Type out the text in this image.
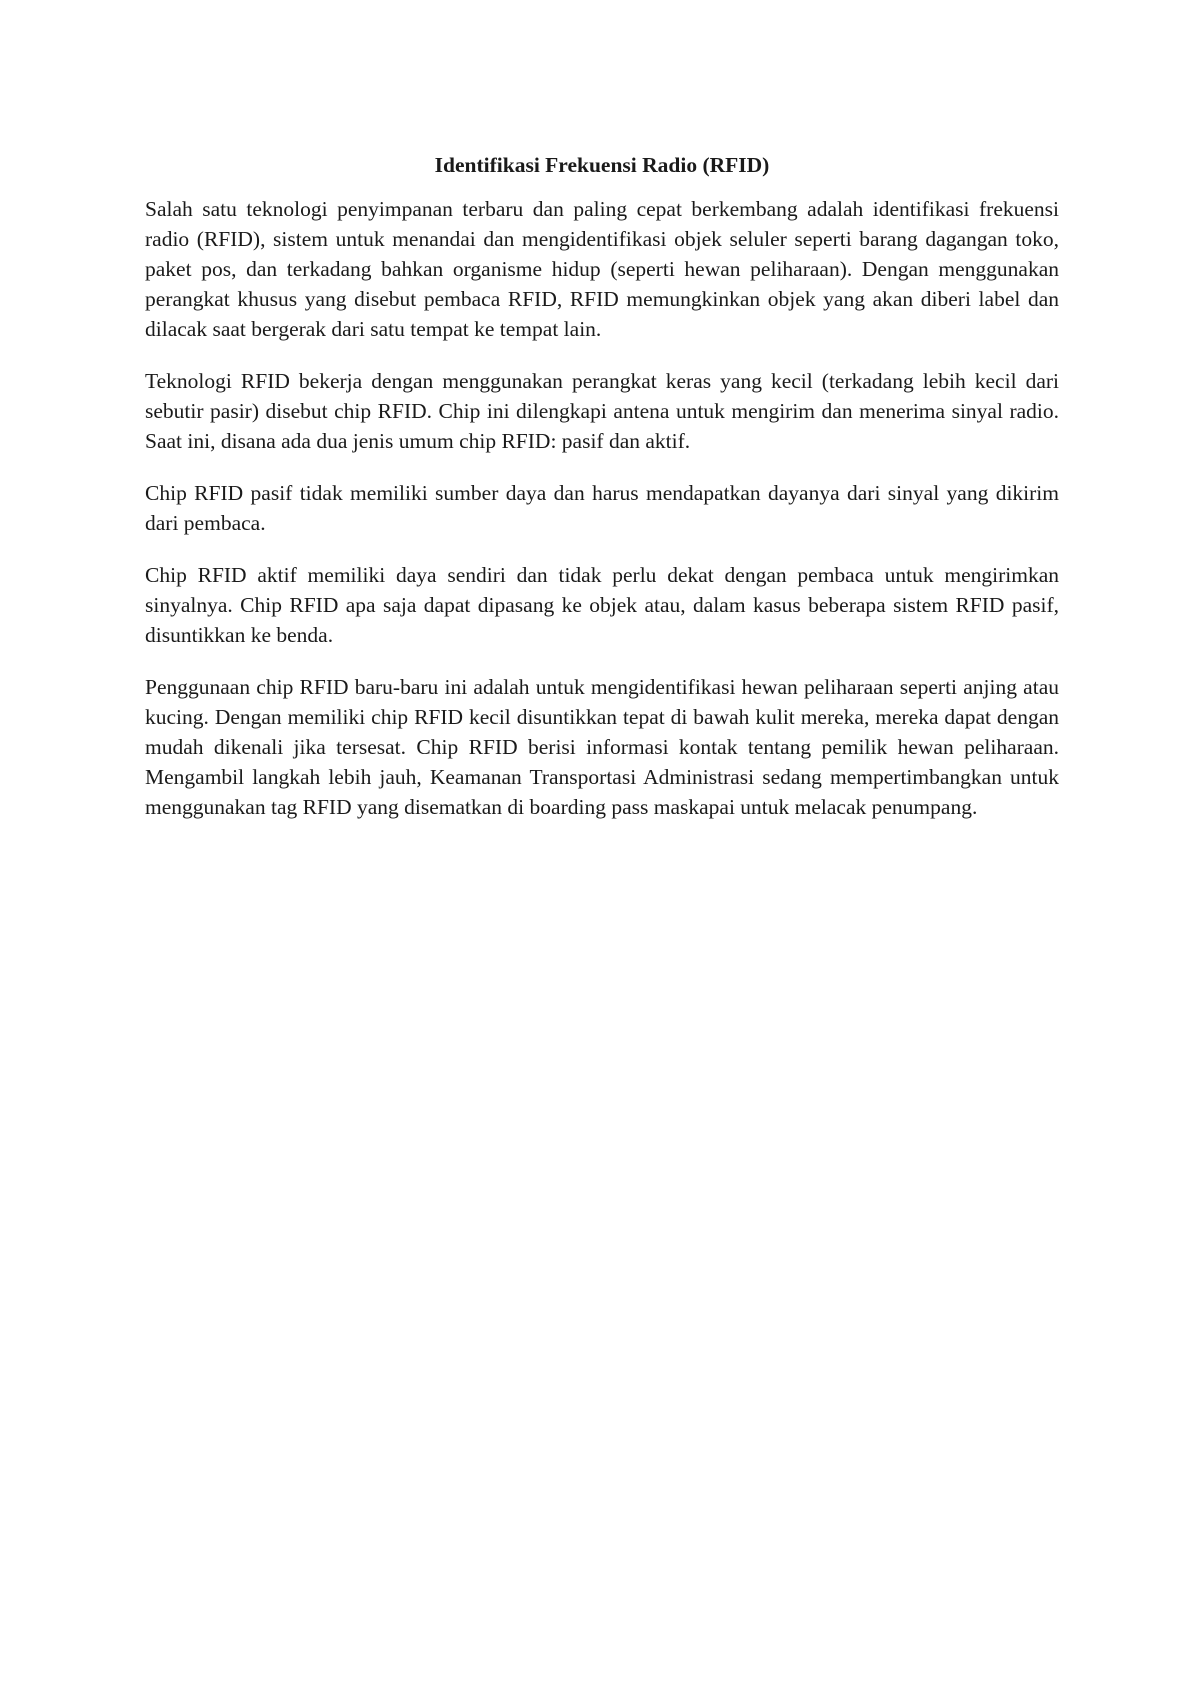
Identifikasi Frekuensi Radio (RFID)

Salah satu teknologi penyimpanan terbaru dan paling cepat berkembang adalah identifikasi frekuensi radio (RFID), sistem untuk menandai dan mengidentifikasi objek seluler seperti barang dagangan toko, paket pos, dan terkadang bahkan organisme hidup (seperti hewan peliharaan). Dengan menggunakan perangkat khusus yang disebut pembaca RFID, RFID memungkinkan objek yang akan diberi label dan dilacak saat bergerak dari satu tempat ke tempat lain.

Teknologi RFID bekerja dengan menggunakan perangkat keras yang kecil (terkadang lebih kecil dari sebutir pasir) disebut chip RFID. Chip ini dilengkapi antena untuk mengirim dan menerima sinyal radio. Saat ini, disana ada dua jenis umum chip RFID: pasif dan aktif.

Chip RFID pasif tidak memiliki sumber daya dan harus mendapatkan dayanya dari sinyal yang dikirim dari pembaca.

Chip RFID aktif memiliki daya sendiri dan tidak perlu dekat dengan pembaca untuk mengirimkan sinyalnya. Chip RFID apa saja dapat dipasang ke objek atau, dalam kasus beberapa sistem RFID pasif, disuntikkan ke benda.

Penggunaan chip RFID baru-baru ini adalah untuk mengidentifikasi hewan peliharaan seperti anjing atau kucing. Dengan memiliki chip RFID kecil disuntikkan tepat di bawah kulit mereka, mereka dapat dengan mudah dikenali jika tersesat. Chip RFID berisi informasi kontak tentang pemilik hewan peliharaan. Mengambil langkah lebih jauh, Keamanan Transportasi Administrasi sedang mempertimbangkan untuk menggunakan tag RFID yang disematkan di boarding pass maskapai untuk melacak penumpang.
